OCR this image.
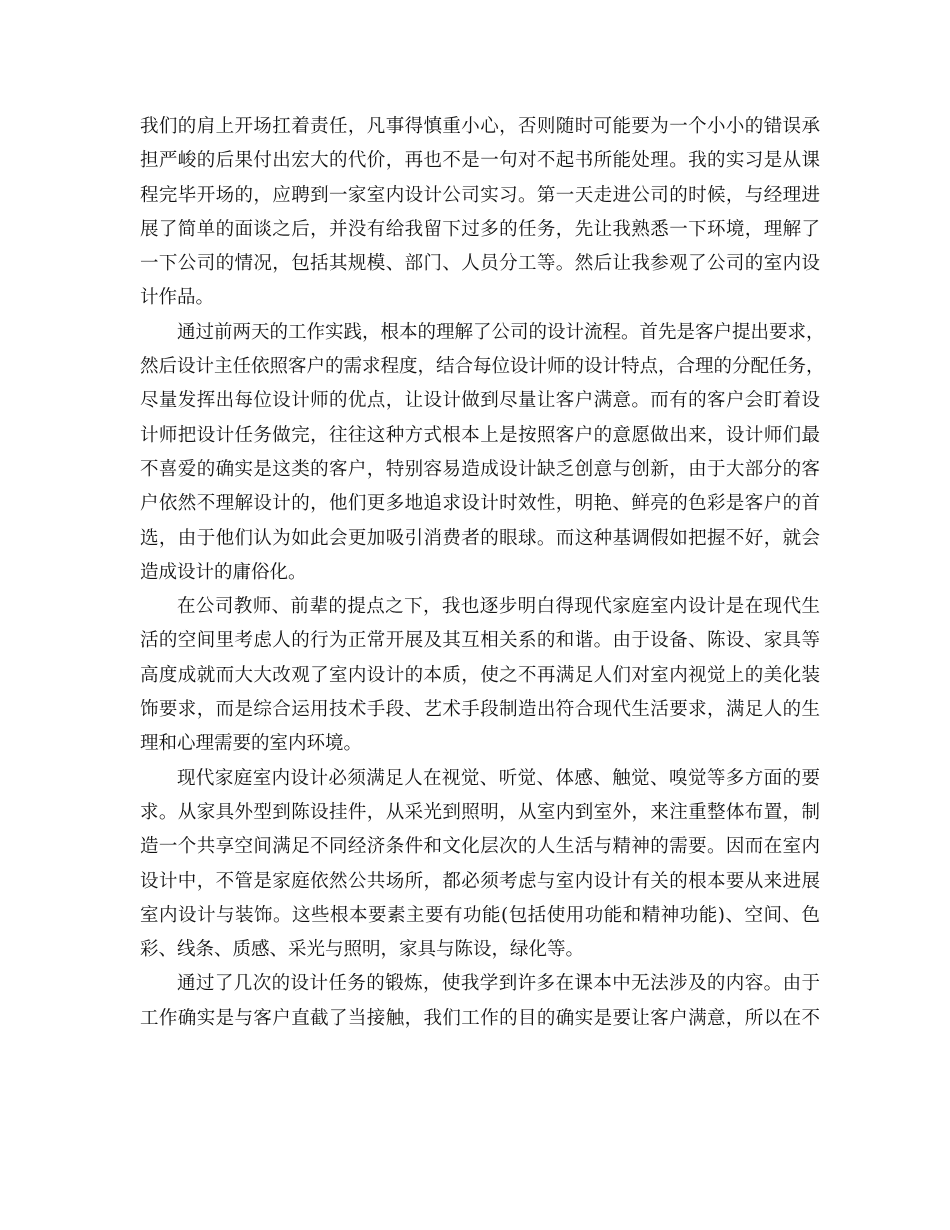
我们的肩上开场扛着责任，凡事得慎重小心，否则随时可能要为一个小小的错误承
担严峻的后果付出宏大的代价，再也不是一句对不起书所能处理。我的实习是从课
程完毕开场的，应聘到一家室内设计公司实习。第一天走进公司的时候，与经理进
展了简单的面谈之后，并没有给我留下过多的任务，先让我熟悉一下环境，理解了
一下公司的情况，包括其规模、部门、人员分工等。然后让我参观了公司的室内设
计作品。
通过前两天的工作实践，根本的理解了公司的设计流程。首先是客户提出要求，
然后设计主任依照客户的需求程度，结合每位设计师的设计特点，合理的分配任务，
尽量发挥出每位设计师的优点，让设计做到尽量让客户满意。而有的客户会盯着设
计师把设计任务做完，往往这种方式根本上是按照客户的意愿做出来，设计师们最
不喜爱的确实是这类的客户，特别容易造成设计缺乏创意与创新，由于大部分的客
户依然不理解设计的，他们更多地追求设计时效性，明艳、鲜亮的色彩是客户的首
选，由于他们认为如此会更加吸引消费者的眼球。而这种基调假如把握不好，就会
造成设计的庸俗化。
在公司教师、前辈的提点之下，我也逐步明白得现代家庭室内设计是在现代生
活的空间里考虑人的行为正常开展及其互相关系的和谐。由于设备、陈设、家具等
高度成就而大大改观了室内设计的本质，使之不再满足人们对室内视觉上的美化装
饰要求，而是综合运用技术手段、艺术手段制造出符合现代生活要求，满足人的生
理和心理需要的室内环境。
现代家庭室内设计必须满足人在视觉、听觉、体感、触觉、嗅觉等多方面的要
求。从家具外型到陈设挂件，从采光到照明，从室内到室外，来注重整体布置，制
造一个共享空间满足不同经济条件和文化层次的人生活与精神的需要。因而在室内
设计中，不管是家庭依然公共场所，都必须考虑与室内设计有关的根本要从来进展
室内设计与装饰。这些根本要素主要有功能(包括使用功能和精神功能)、空间、色
彩、线条、质感、采光与照明，家具与陈设，绿化等。
通过了几次的设计任务的锻炼，使我学到许多在课本中无法涉及的内容。由于
工作确实是与客户直截了当接触，我们工作的目的确实是要让客户满意，所以在不
